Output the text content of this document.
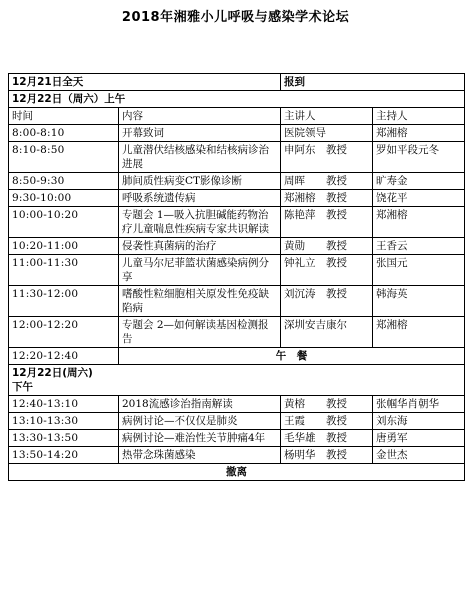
2018年湘雅小儿呼吸与感染学术论坛
12月21日全天		报到	
12月22日（周六）上午			
时间	内容	主讲人	主持人
8:00-8:10	开幕致词	医院领导	郑湘榕
8:10-8:50	儿童潜伏结核感染和结核病诊治进展	申阿东　教授	罗如平段元冬
8:50-9:30	肺间质性病变CT影像诊断	周晖　　教授	旷寿金
9:30-10:00	呼吸系统遗传病	郑湘榕　教授	饶花平
10:00-10:20	专题会 1—吸入抗胆碱能药物治疗儿童喘息性疾病专家共识解读	陈艳萍　教授	郑湘榕
10:20-11:00	侵袭性真菌病的治疗	黄勋　　教授	王香云
11:00-11:30	儿童马尔尼菲篮状菌感染病例分享	钟礼立　教授	张国元
11:30-12:00	嗜酸性粒细胞相关原发性免疫缺陷病	刘沉涛　教授	韩海英
12:00-12:20	专题会 2—如何解读基因检测报告	深圳安吉康尔	郑湘榕
12:20-12:40	午　餐		

12月22日(周六)
下午			

12:40-13:10	2018流感诊治指南解读	黄榕　　教授	张帼华肖朝华
13:10-13:30	病例讨论—不仅仅是肺炎	王霞　　教授	刘东海
13:30-13:50	病例讨论—难治性关节肿痛4年	毛华雄　教授	唐勇军
13:50-14:20	热带念珠菌感染	杨明华　教授	金世杰
撤离			
